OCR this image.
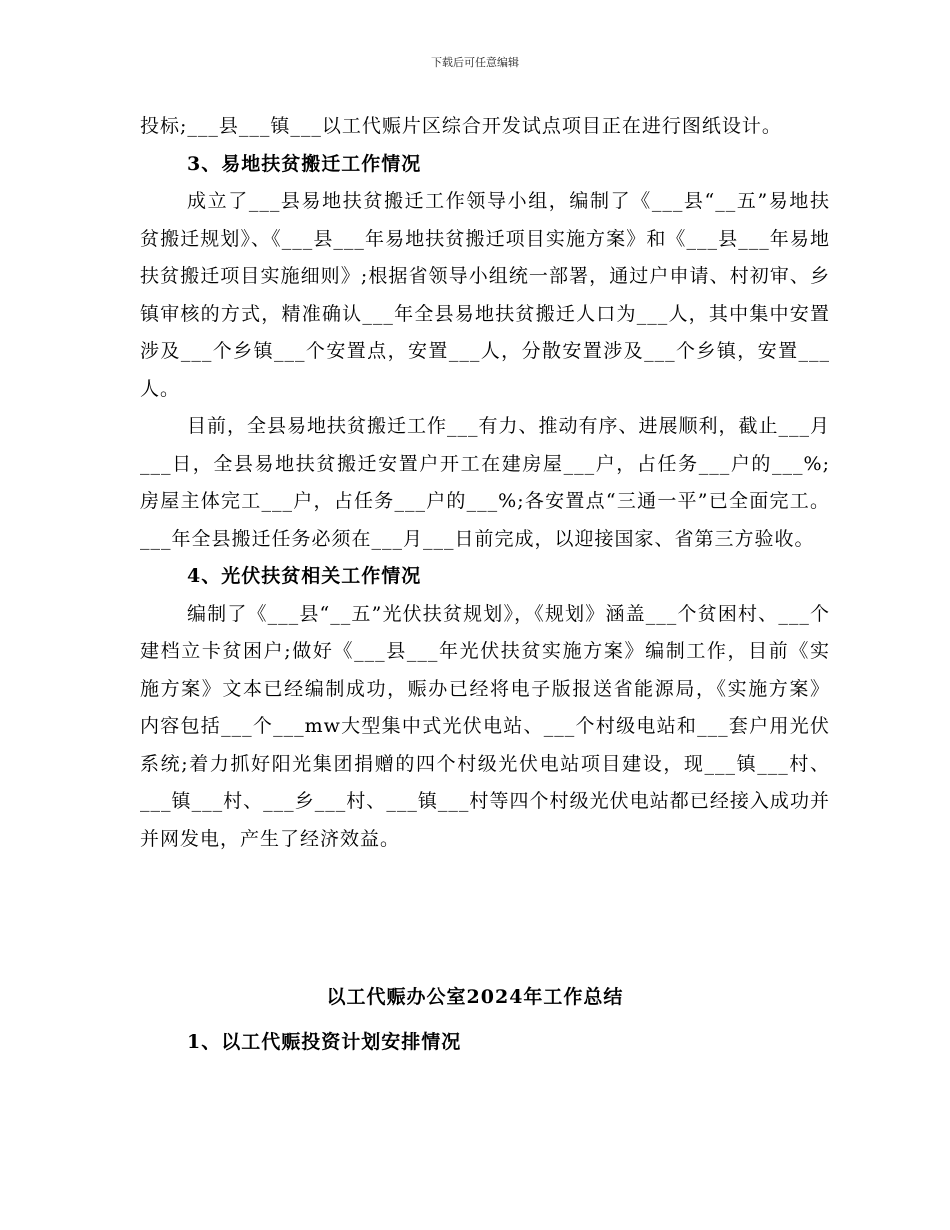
下载后可任意编辑

投标;___县___镇___以工代赈片区综合开发试点项目正在进行图纸设计。

3、易地扶贫搬迁工作情况

成立了___县易地扶贫搬迁工作领导小组，编制了《___县“__五”易地扶贫搬迁规划》、《___县___年易地扶贫搬迁项目实施方案》和《___县___年易地扶贫搬迁项目实施细则》;根据省领导小组统一部署，通过户申请、村初审、乡镇审核的方式，精准确认___年全县易地扶贫搬迁人口为___人，其中集中安置涉及___个乡镇___个安置点，安置___人，分散安置涉及___个乡镇，安置___人。

目前，全县易地扶贫搬迁工作___有力、推动有序、进展顺利，截止___月___日，全县易地扶贫搬迁安置户开工在建房屋___户，占任务___户的___%;房屋主体完工___户，占任务___户的___%;各安置点“三通一平”已全面完工。___年全县搬迁任务必须在___月___日前完成，以迎接国家、省第三方验收。

4、光伏扶贫相关工作情况

编制了《___县“__五”光伏扶贫规划》，《规划》涵盖___个贫困村、___个建档立卡贫困户;做好《___县___年光伏扶贫实施方案》编制工作，目前《实施方案》文本已经编制成功，赈办已经将电子版报送省能源局，《实施方案》内容包括___个___mw大型集中式光伏电站、___个村级电站和___套户用光伏系统;着力抓好阳光集团捐赠的四个村级光伏电站项目建设，现___镇___村、___镇___村、___乡___村、___镇___村等四个村级光伏电站都已经接入成功并并网发电，产生了经济效益。

以工代赈办公室2024年工作总结
1、以工代赈投资计划安排情况
